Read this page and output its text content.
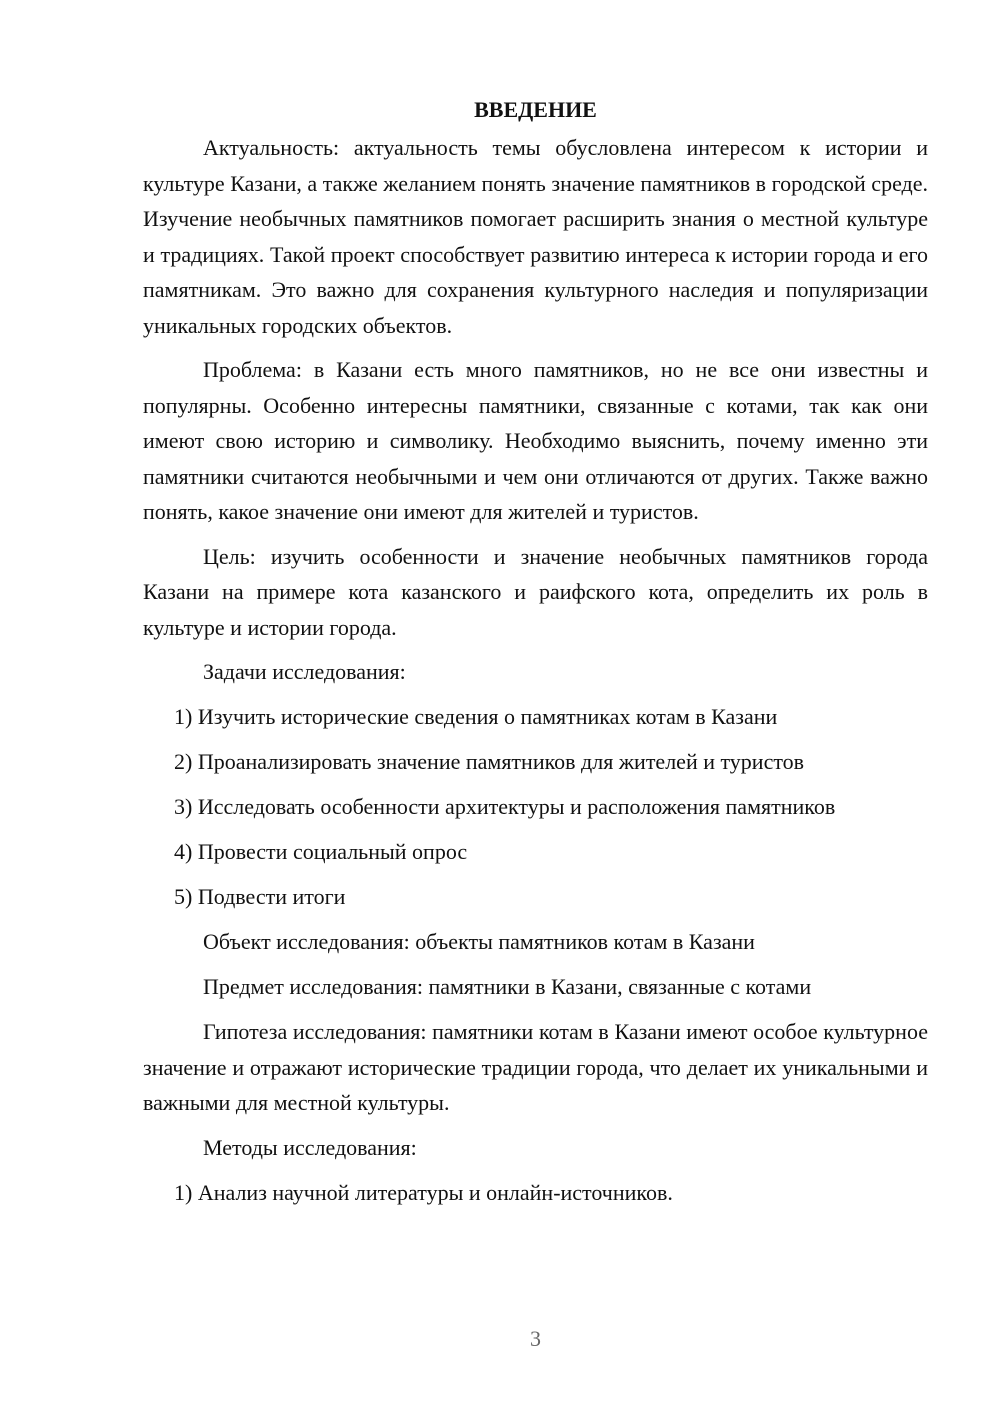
ВВЕДЕНИЕ

Актуальность: актуальность темы обусловлена интересом к истории и культуре Казани, а также желанием понять значение памятников в городской среде. Изучение необычных памятников помогает расширить знания о местной культуре и традициях. Такой проект способствует развитию интереса к истории города и его памятникам. Это важно для сохранения культурного наследия и популяризации уникальных городских объектов.

Проблема: в Казани есть много памятников, но не все они известны и популярны. Особенно интересны памятники, связанные с котами, так как они имеют свою историю и символику. Необходимо выяснить, почему именно эти памятники считаются необычными и чем они отличаются от других. Также важно понять, какое значение они имеют для жителей и туристов.

Цель: изучить особенности и значение необычных памятников города Казани на примере кота казанского и раифского кота, определить их роль в культуре и истории города.

Задачи исследования:
1) Изучить исторические сведения о памятниках котам в Казани
2) Проанализировать значение памятников для жителей и туристов
3) Исследовать особенности архитектуры и расположения памятников
4) Провести социальный опрос
5) Подвести итоги
Объект исследования: объекты памятников котам в Казани
Предмет исследования: памятники в Казани, связанные с котами

Гипотеза исследования: памятники котам в Казани имеют особое культурное значение и отражают исторические традиции города, что делает их уникальными и важными для местной культуры.

Методы исследования:
1) Анализ научной литературы и онлайн-источников.
3
